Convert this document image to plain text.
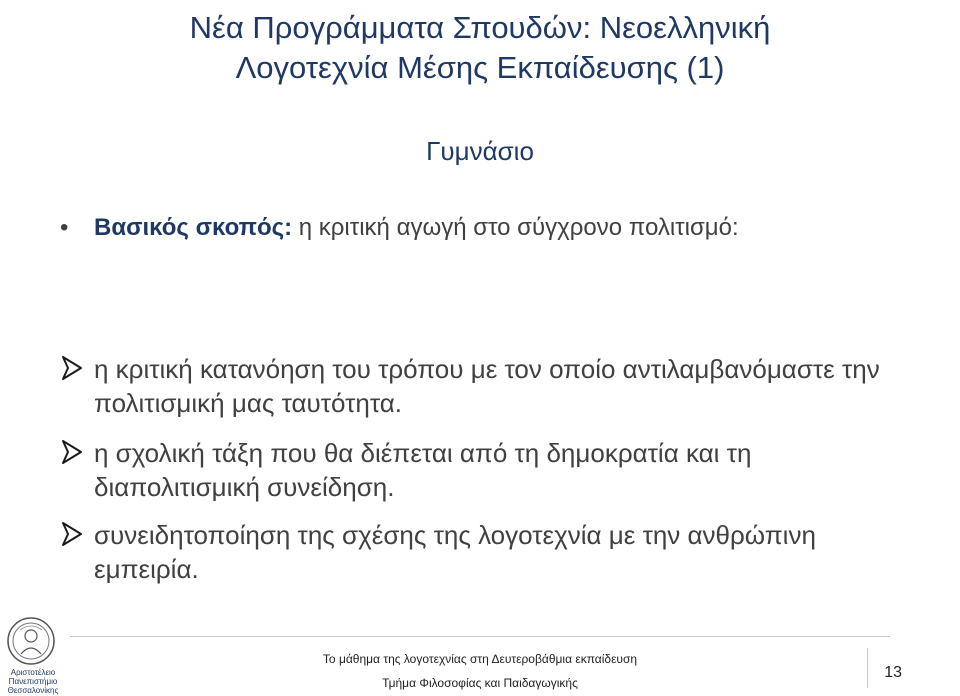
Νέα Προγράμματα Σπουδών: Νεοελληνική
Λογοτεχνία Μέσης Εκπαίδευσης (1)
Γυμνάσιο
• Βασικός σκοπός: η κριτική αγωγή στο σύγχρονο πολιτισμό:
η κριτική κατανόηση του τρόπου με τον οποίο αντιλαμβανόμαστε την πολιτισμική μας ταυτότητα.
η σχολική τάξη που θα διέπεται από τη δημοκρατία και τη διαπολιτισμική συνείδηση.
συνειδητοποίηση της σχέσης της λογοτεχνία με την ανθρώπινη εμπειρία.
Αριστοτέλειο Πανεπιστήμιο Θεσσαλονίκης
Το μάθημα της λογοτεχνίας στη Δευτεροβάθμια εκπαίδευση
Τμήμα Φιλοσοφίας και Παιδαγωγικής
13
